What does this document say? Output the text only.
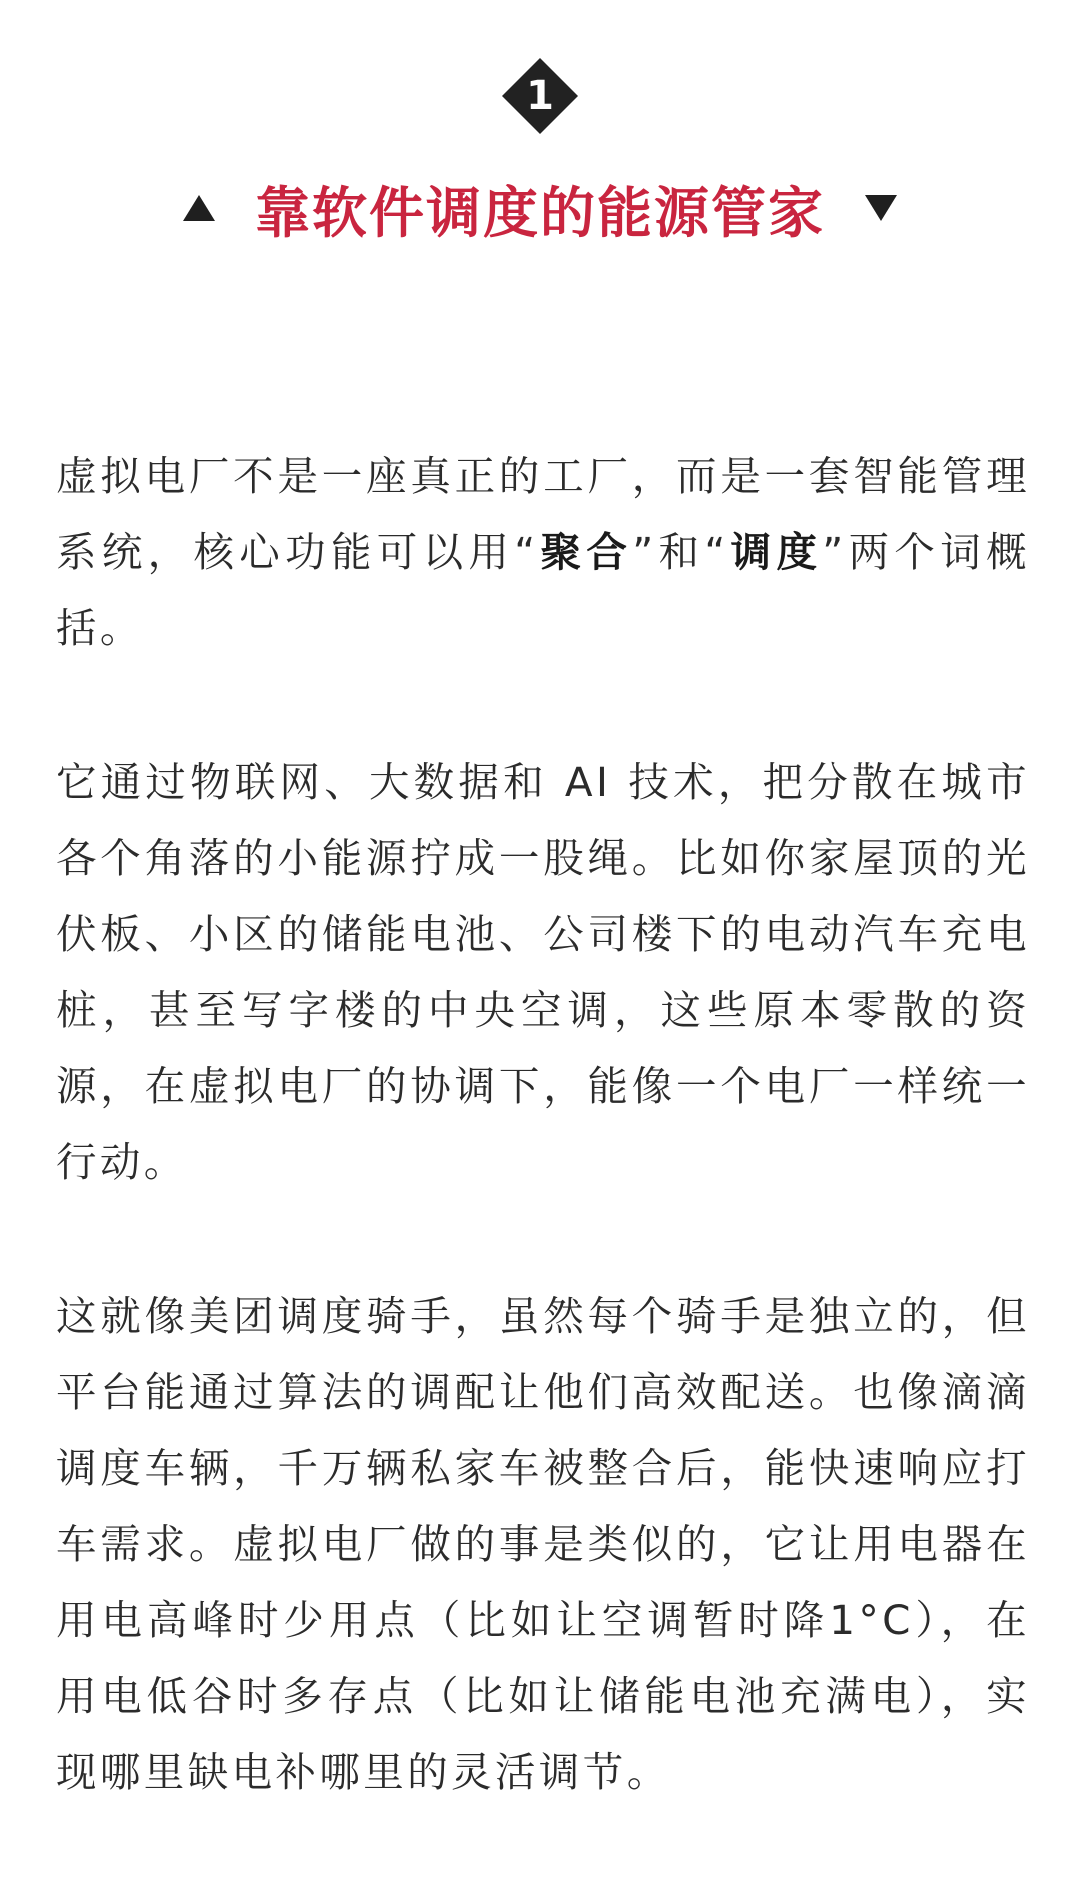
1
靠软件调度的能源管家

虚拟电厂不是一座真正的工厂，而是一套智能管理系统，核心功能可以用“聚合”和“调度”两个词概括。

它通过物联网、大数据和 AI 技术，把分散在城市各个角落的小能源拧成一股绳。比如你家屋顶的光伏板、小区的储能电池、公司楼下的电动汽车充电桩，甚至写字楼的中央空调，这些原本零散的资源，在虚拟电厂的协调下，能像一个电厂一样统一行动。

这就像美团调度骑手，虽然每个骑手是独立的，但平台能通过算法的调配让他们高效配送。也像滴滴调度车辆，千万辆私家车被整合后，能快速响应打车需求。虚拟电厂做的事是类似的，它让用电器在用电高峰时少用点（比如让空调暂时降1°C），在用电低谷时多存点（比如让储能电池充满电），实现哪里缺电补哪里的灵活调节。
